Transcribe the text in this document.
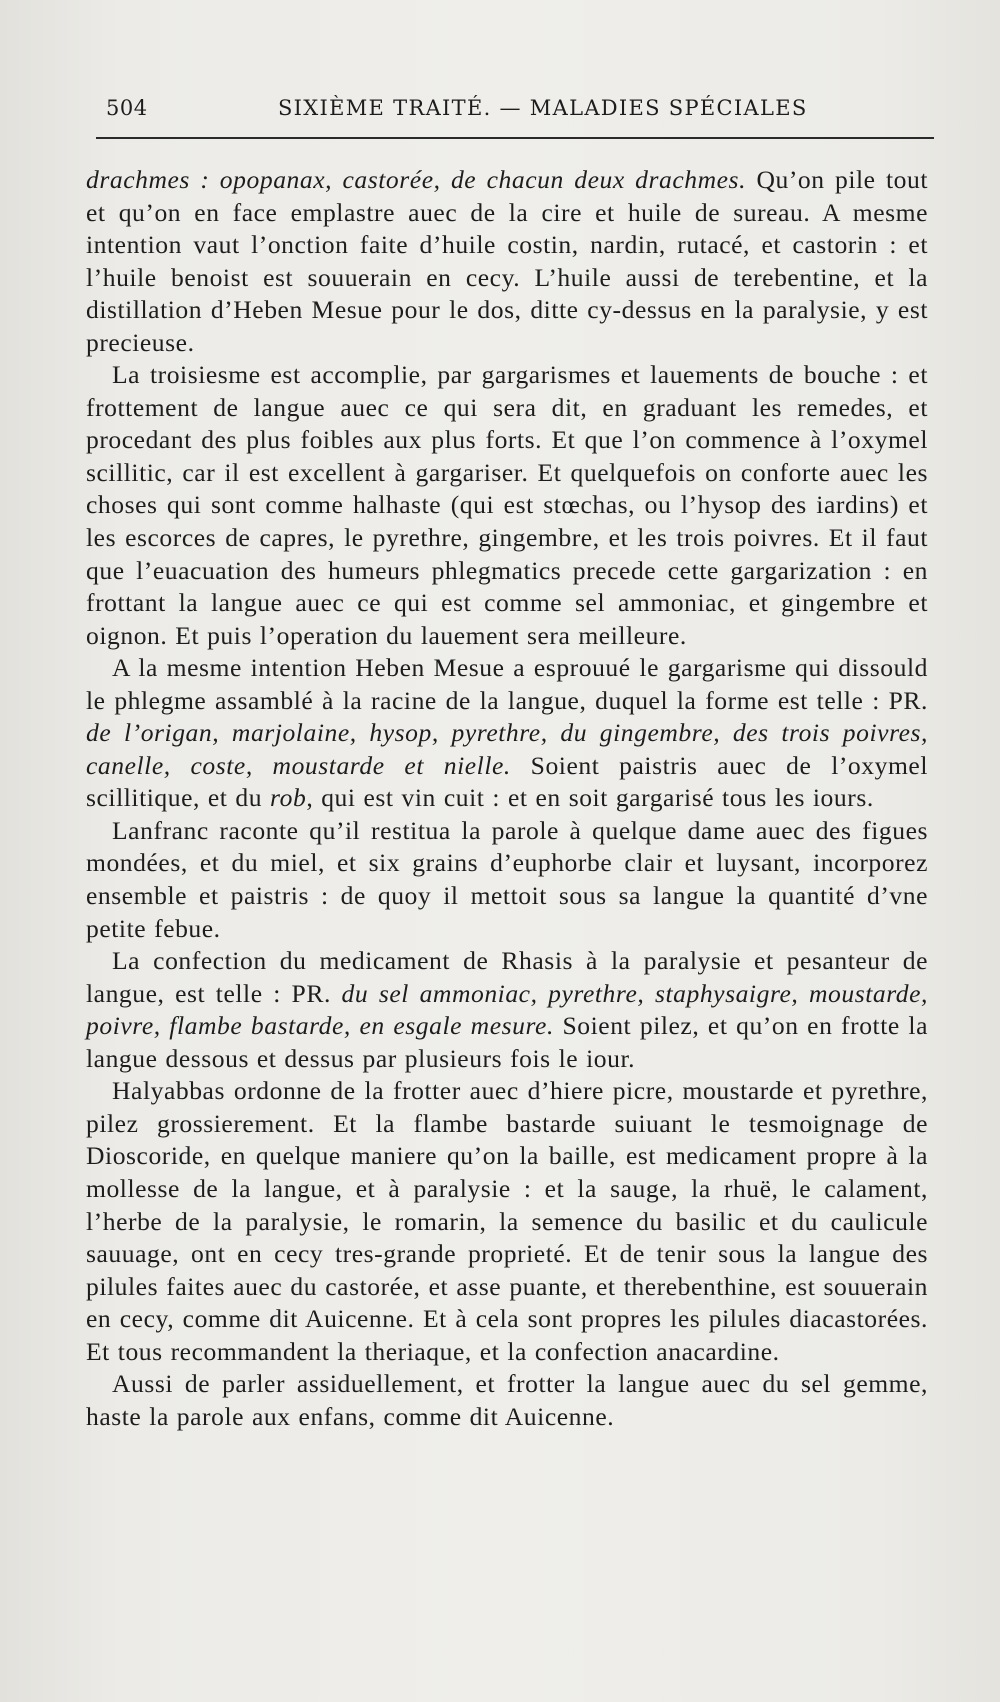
504	SIXIÈME TRAITÉ. — MALADIES SPÉCIALES

drachmes : opopanax, castorée, de chacun deux drachmes. Qu’on pile tout et qu’on en face emplastre auec de la cire et huile de sureau. A mesme intention vaut l’onction faite d’huile costin, nardin, rutacé, et castorin : et l’huile benoist est souuerain en cecy. L’huile aussi de terebentine, et la distillation d’Heben Mesue pour le dos, ditte cy-dessus en la paralysie, y est precieuse.

La troisiesme est accomplie, par gargarismes et lauements de bouche : et frottement de langue auec ce qui sera dit, en graduant les remedes, et procedant des plus foibles aux plus forts. Et que l’on commence à l’oxymel scillitic, car il est excellent à gargariser. Et quelquefois on conforte auec les choses qui sont comme halhaste (qui est stœchas, ou l’hysop des iardins) et les escorces de capres, le pyrethre, gingembre, et les trois poivres. Et il faut que l’euacuation des humeurs phlegmatics precede cette gargarization : en frottant la langue auec ce qui est comme sel ammoniac, et gingembre et oignon. Et puis l’operation du lauement sera meilleure.

A la mesme intention Heben Mesue a esprouué le gargarisme qui dissould le phlegme assamblé à la racine de la langue, duquel la forme est telle : PR. de l’origan, marjolaine, hysop, pyrethre, du gingembre, des trois poivres, canelle, coste, moustarde et nielle. Soient paistris auec de l’oxymel scillitique, et du rob, qui est vin cuit : et en soit gargarisé tous les iours.

Lanfranc raconte qu’il restitua la parole à quelque dame auec des figues mondées, et du miel, et six grains d’euphorbe clair et luysant, incorporez ensemble et paistris : de quoy il mettoit sous sa langue la quantité d’vne petite febue.

La confection du medicament de Rhasis à la paralysie et pesanteur de langue, est telle : PR. du sel ammoniac, pyrethre, staphysaigre, moustarde, poivre, flambe bastarde, en esgale mesure. Soient pilez, et qu’on en frotte la langue dessous et dessus par plusieurs fois le iour.

Halyabbas ordonne de la frotter auec d’hiere picre, moustarde et pyrethre, pilez grossierement. Et la flambe bastarde suiuant le tesmoignage de Dioscoride, en quelque maniere qu’on la baille, est medicament propre à la mollesse de la langue, et à paralysie : et la sauge, la rhuë, le calament, l’herbe de la paralysie, le romarin, la semence du basilic et du caulicule sauuage, ont en cecy tres-grande proprieté. Et de tenir sous la langue des pilules faites auec du castorée, et asse puante, et therebenthine, est souuerain en cecy, comme dit Auicenne. Et à cela sont propres les pilules diacastorées. Et tous recommandent la theriaque, et la confection anacardine.

Aussi de parler assiduellement, et frotter la langue auec du sel gemme, haste la parole aux enfans, comme dit Auicenne.
